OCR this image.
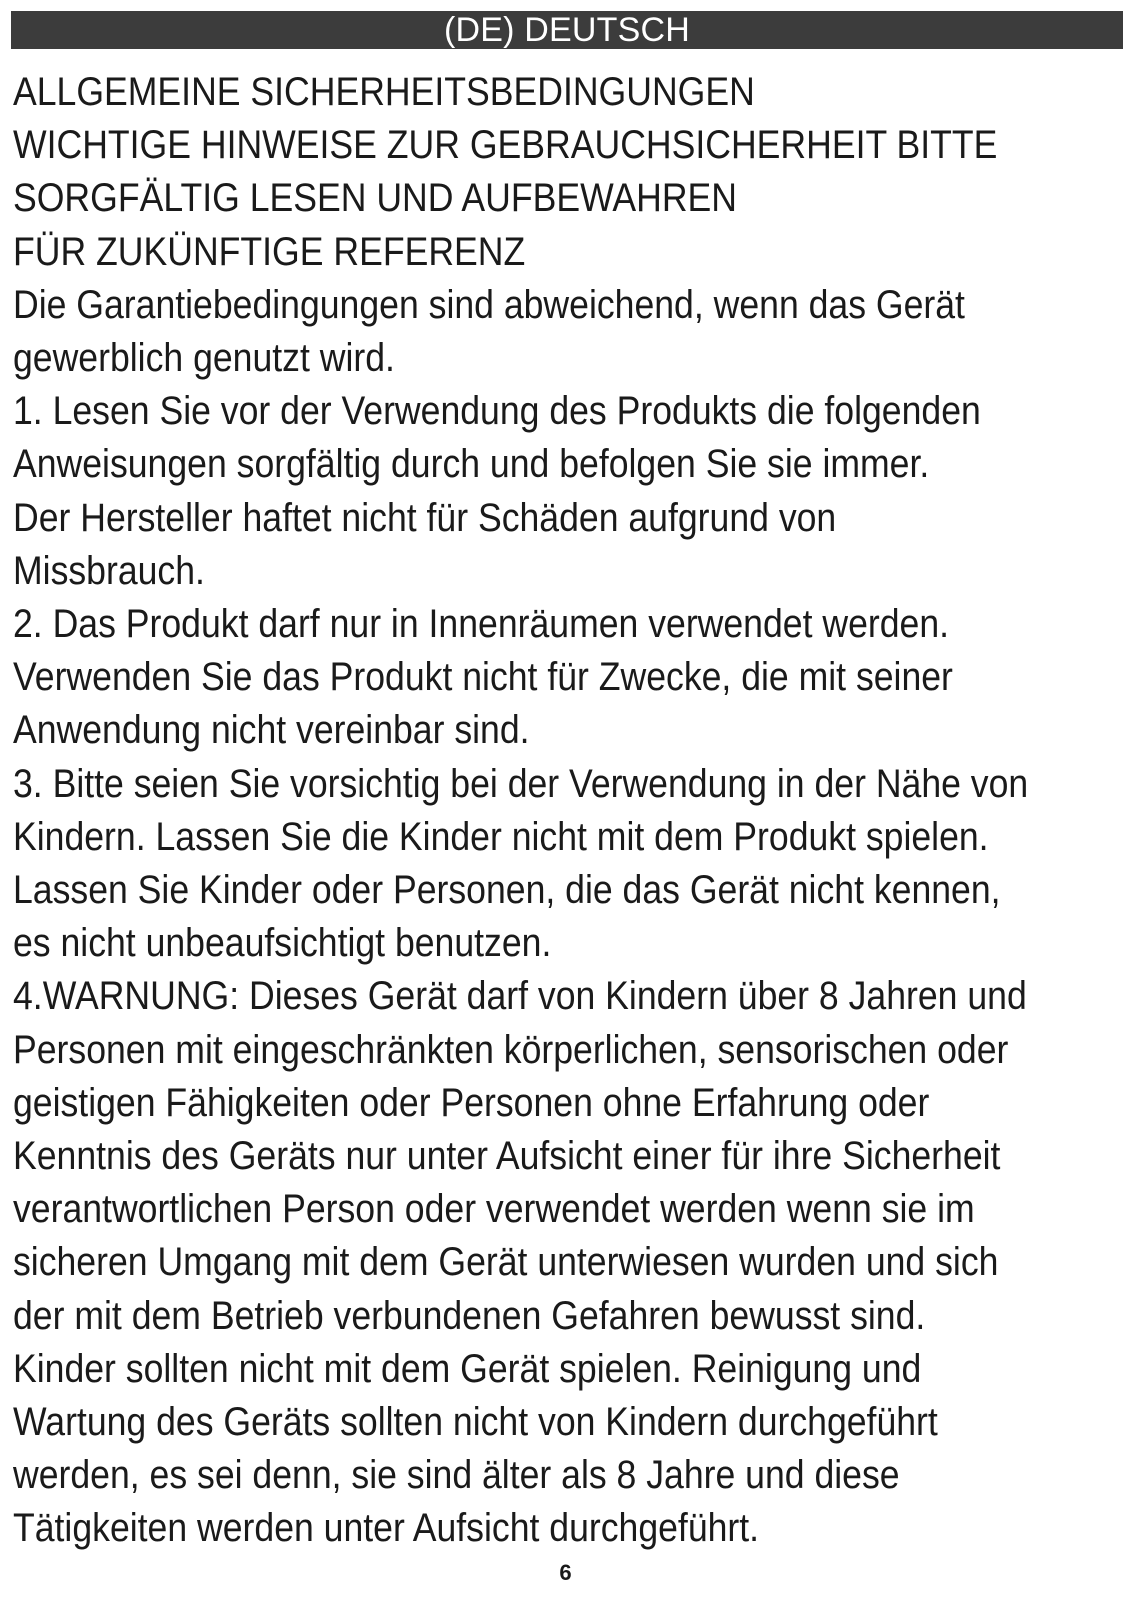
(DE) DEUTSCH
ALLGEMEINE SICHERHEITSBEDINGUNGEN
WICHTIGE HINWEISE ZUR GEBRAUCHSICHERHEIT BITTE
SORGFÄLTIG LESEN UND AUFBEWAHREN
FÜR ZUKÜNFTIGE REFERENZ
Die Garantiebedingungen sind abweichend, wenn das Gerät
gewerblich genutzt wird.
1. Lesen Sie vor der Verwendung des Produkts die folgenden
Anweisungen sorgfältig durch und befolgen Sie sie immer.
Der Hersteller haftet nicht für Schäden aufgrund von
Missbrauch.
2. Das Produkt darf nur in Innenräumen verwendet werden.
Verwenden Sie das Produkt nicht für Zwecke, die mit seiner
Anwendung nicht vereinbar sind.
3. Bitte seien Sie vorsichtig bei der Verwendung in der Nähe von
Kindern. Lassen Sie die Kinder nicht mit dem Produkt spielen.
Lassen Sie Kinder oder Personen, die das Gerät nicht kennen,
es nicht unbeaufsichtigt benutzen.
4.WARNUNG: Dieses Gerät darf von Kindern über 8 Jahren und
Personen mit eingeschränkten körperlichen, sensorischen oder
geistigen Fähigkeiten oder Personen ohne Erfahrung oder
Kenntnis des Geräts nur unter Aufsicht einer für ihre Sicherheit
verantwortlichen Person oder verwendet werden wenn sie im
sicheren Umgang mit dem Gerät unterwiesen wurden und sich
der mit dem Betrieb verbundenen Gefahren bewusst sind.
Kinder sollten nicht mit dem Gerät spielen. Reinigung und
Wartung des Geräts sollten nicht von Kindern durchgeführt
werden, es sei denn, sie sind älter als 8 Jahre und diese
Tätigkeiten werden unter Aufsicht durchgeführt.
6
